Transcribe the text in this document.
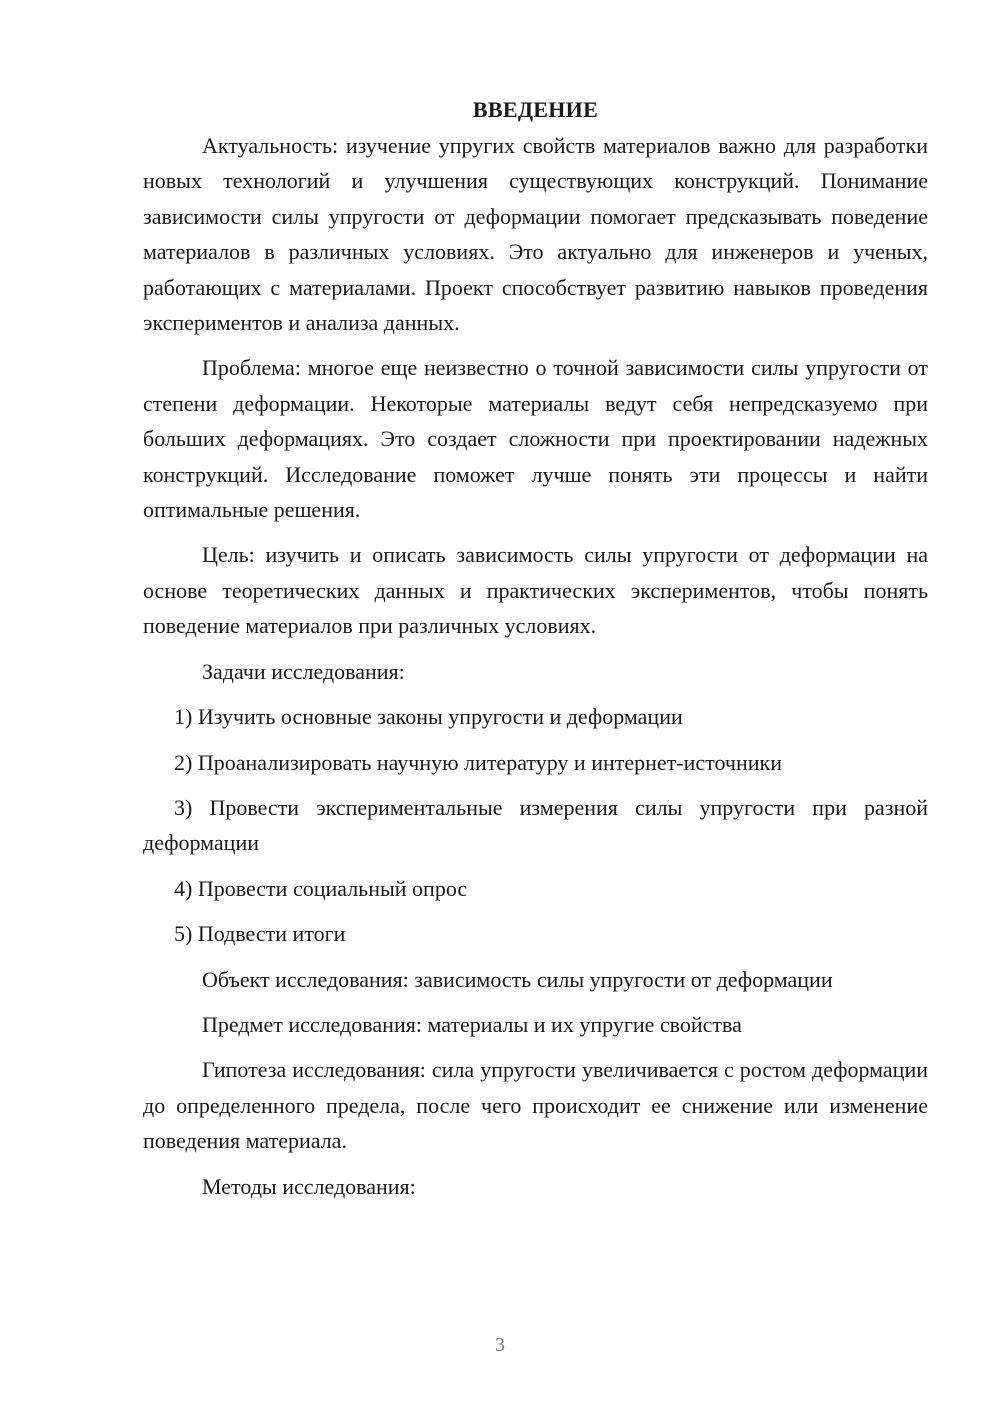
ВВЕДЕНИЕ

Актуальность: изучение упругих свойств материалов важно для разработки новых технологий и улучшения существующих конструкций. Понимание зависимости силы упругости от деформации помогает предсказывать поведение материалов в различных условиях. Это актуально для инженеров и ученых, работающих с материалами. Проект способствует развитию навыков проведения экспериментов и анализа данных.

Проблема: многое еще неизвестно о точной зависимости силы упругости от степени деформации. Некоторые материалы ведут себя непредсказуемо при больших деформациях. Это создает сложности при проектировании надежных конструкций. Исследование поможет лучше понять эти процессы и найти оптимальные решения.

Цель: изучить и описать зависимость силы упругости от деформации на основе теоретических данных и практических экспериментов, чтобы понять поведение материалов при различных условиях.

Задачи исследования:

1) Изучить основные законы упругости и деформации

2) Проанализировать научную литературу и интернет-источники

3) Провести экспериментальные измерения силы упругости при разной деформации

4) Провести социальный опрос

5) Подвести итоги

Объект исследования: зависимость силы упругости от деформации

Предмет исследования: материалы и их упругие свойства

Гипотеза исследования: сила упругости увеличивается с ростом деформации до определенного предела, после чего происходит ее снижение или изменение поведения материала.

Методы исследования:

3
